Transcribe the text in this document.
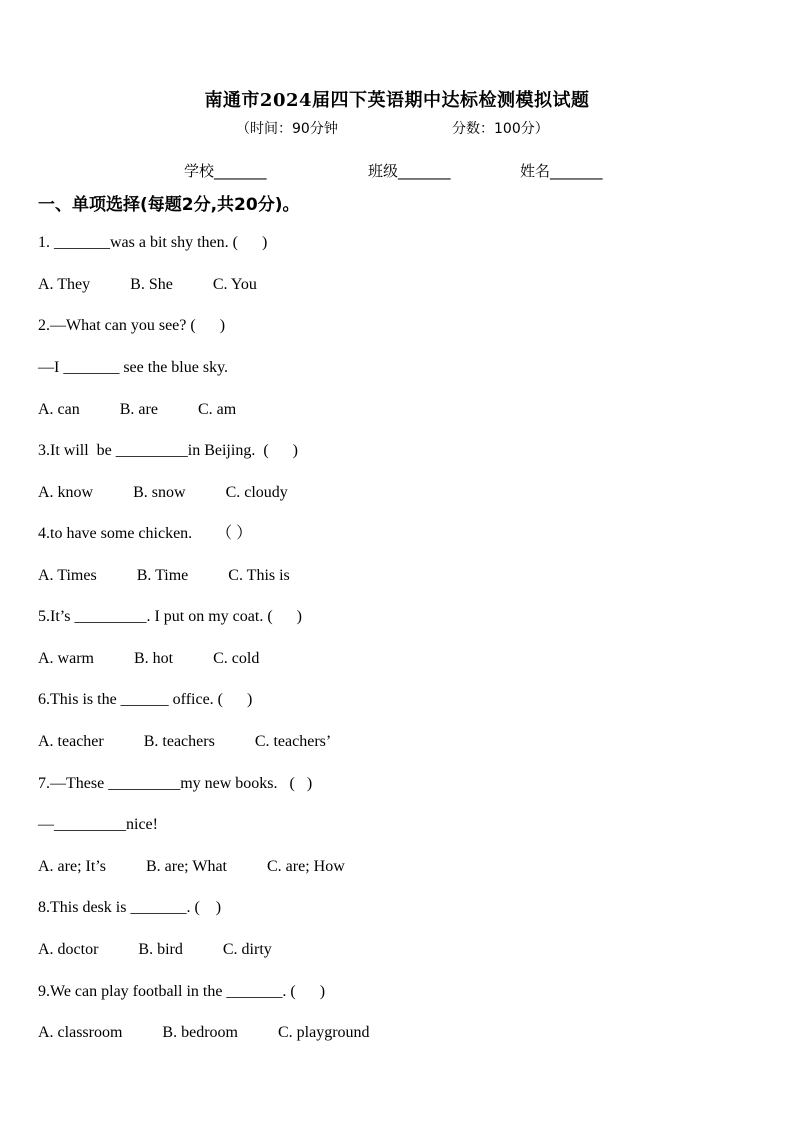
南通市2024届四下英语期中达标检测模拟试题
（时间：90分钟	分数：100分）
学校_______	班级_______	姓名_______
一、单项选择(每题2分,共20分)。
1. _______was a bit shy then. (      )
A. They          B. She          C. You
2.—What can you see? (      )
—I _______ see the blue sky.
A. can          B. are          C. am
3.It will  be _________in Beijing.  (      )
A. know          B. snow          C. cloudy
4.to have some chicken.      （ ）
A. Times          B. Time          C. This is
5.It’s _________. I put on my coat. (      )
A. warm          B. hot          C. cold
6.This is the ______ office. (      )
A. teacher          B. teachers          C. teachers’
7.—These _________my new books.   (   )
—_________nice!
A. are; It’s          B. are; What          C. are; How
8.This desk is _______. (    )
A. doctor          B. bird          C. dirty
9.We can play football in the _______. (      )
A. classroom          B. bedroom          C. playground
